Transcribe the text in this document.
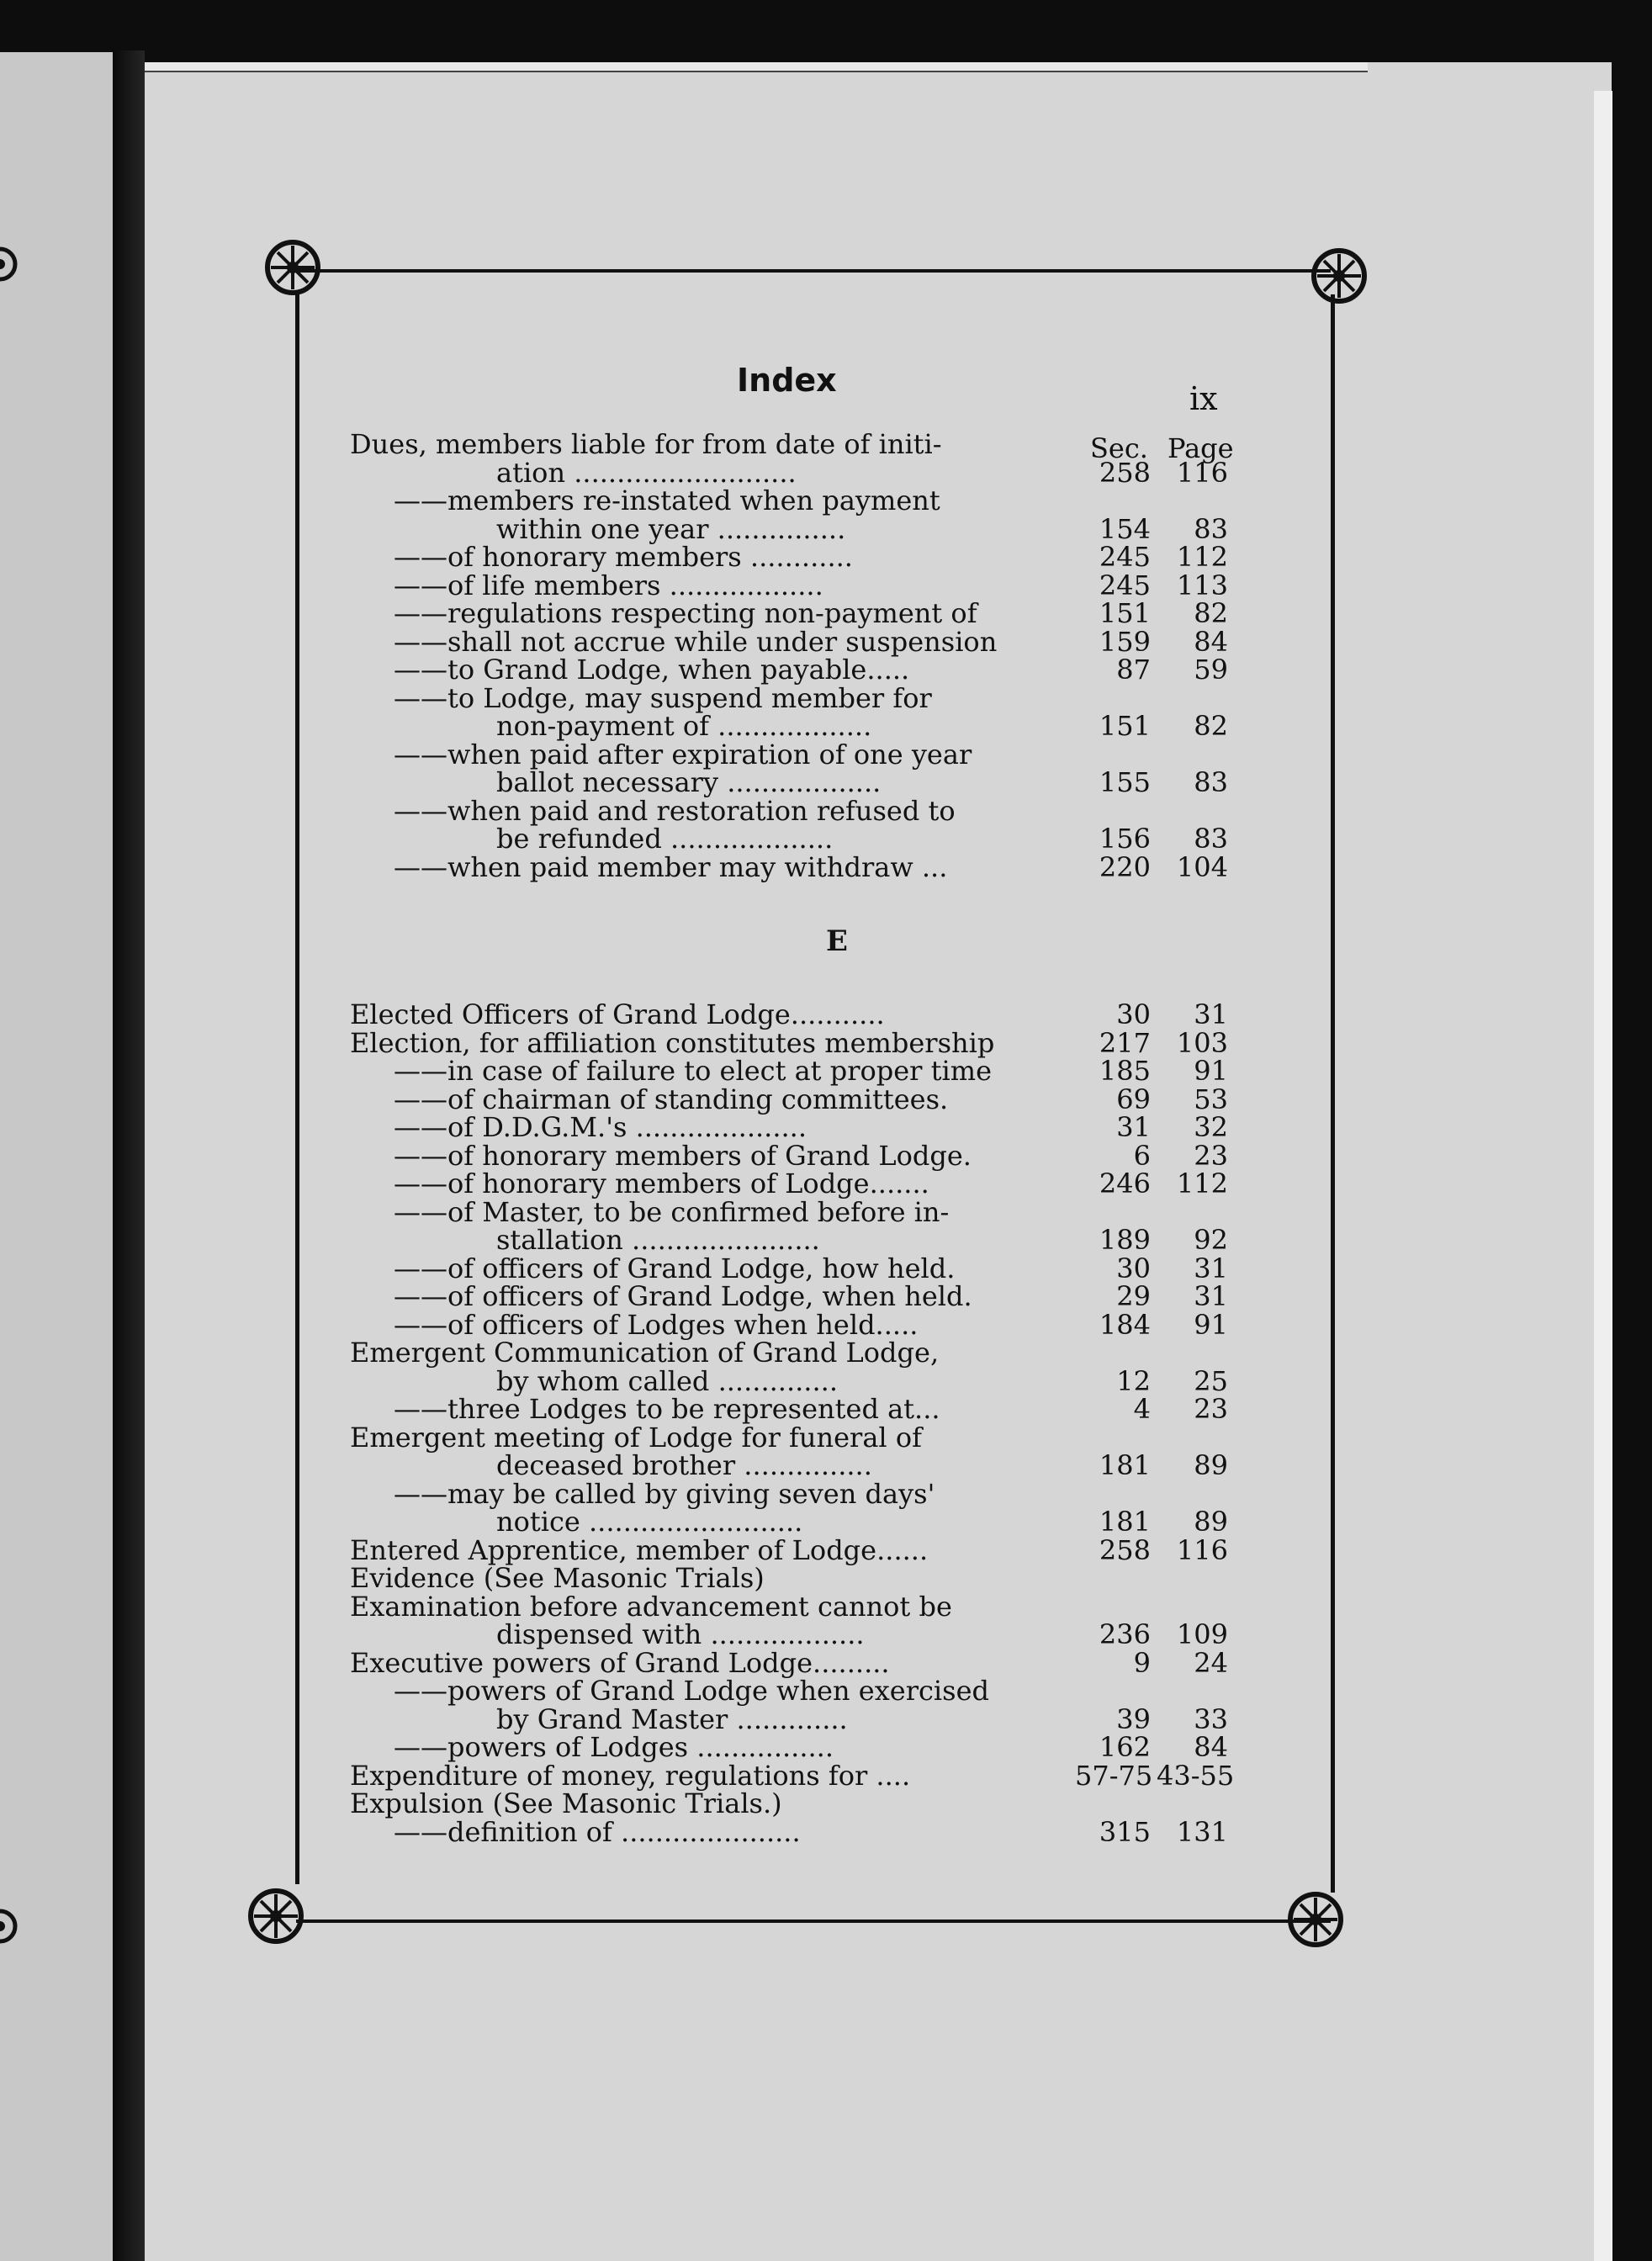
Index	ix
Sec. Page
Dues, members liable for from date of initi-
ation ..........................	258 116
——members re-instated when payment
within one year ...............	154	83
——of honorary members ............	245 112
——of life members ..................	245 113
——regulations respecting non-payment of	151	82
——shall not accrue while under suspension	159	84
——to Grand Lodge, when payable.....	87	59
——to Lodge, may suspend member for
non-payment of ..................	151	82
——when paid after expiration of one year
ballot necessary ..................	155	83
——when paid and restoration refused to
be refunded ...................	156	83
——when paid member may withdraw ...	220 104
E
Elected Officers of Grand Lodge...........	30	31
Election, for affiliation constitutes membership	217 103
——in case of failure to elect at proper time	185	91
——of chairman of standing committees.	69	53
——of D.D.G.M.'s ....................	31	32
——of honorary members of Grand Lodge.	6	23
——of honorary members of Lodge.......	246 112
——of Master, to be confirmed before in-
stallation ......................	189	92
——of officers of Grand Lodge, how held.	30	31
——of officers of Grand Lodge, when held.	29	31
——of officers of Lodges when held.....	184	91
Emergent Communication of Grand Lodge,
by whom called ..............	12	25
——three Lodges to be represented at...	4	23
Emergent meeting of Lodge for funeral of
deceased brother ...............	181	89
——may be called by giving seven days'
notice .........................	181	89
Entered Apprentice, member of Lodge......	258 116
Evidence (See Masonic Trials)
Examination before advancement cannot be
dispensed with ..................	236 109
Executive powers of Grand Lodge.........	9	24
——powers of Grand Lodge when exercised
by Grand Master .............	39	33
——powers of Lodges ................	162	84
Expenditure of money, regulations for ....	57-75 43-55
Expulsion (See Masonic Trials.)
——definition of .....................	315 131
